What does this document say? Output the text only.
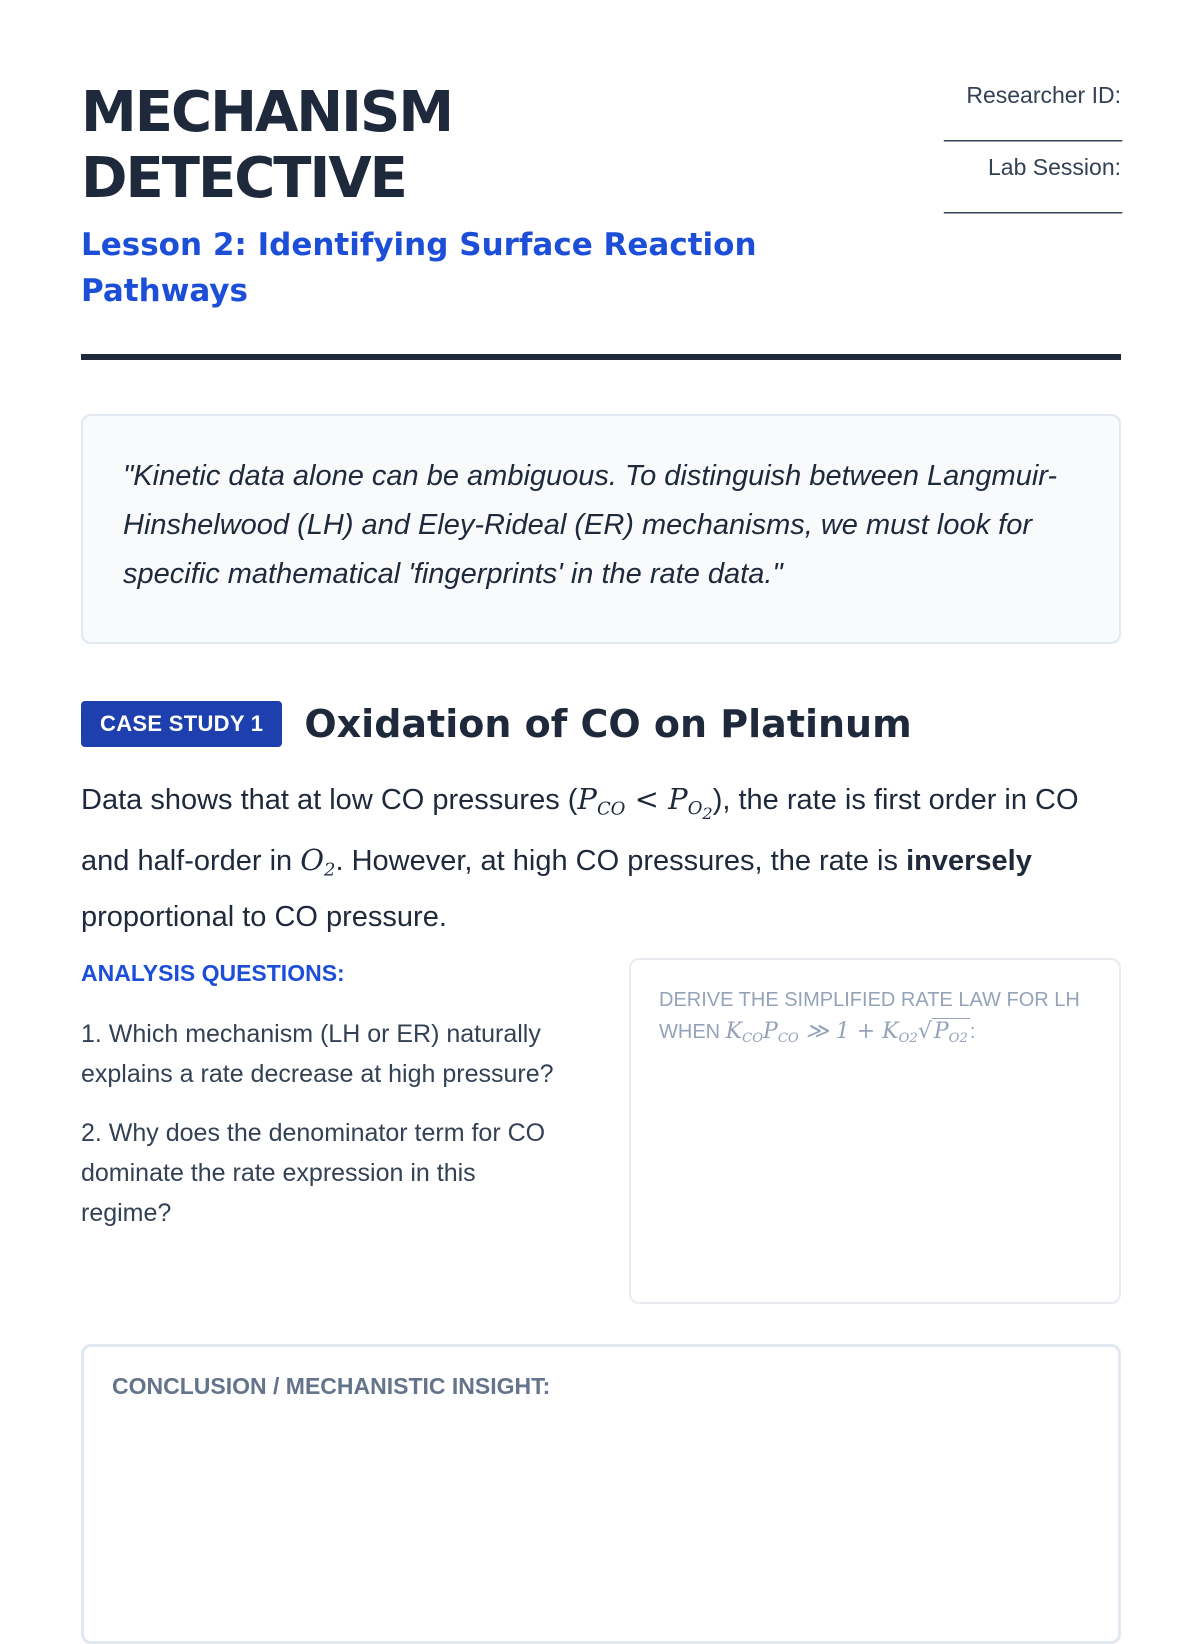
MECHANISM
DETECTIVE
Lesson 2: Identifying Surface Reaction Pathways
Researcher ID:
_______________
Lab Session:
_______________

"Kinetic data alone can be ambiguous. To distinguish between Langmuir-Hinshelwood (LH) and Eley-Rideal (ER) mechanisms, we must look for specific mathematical 'fingerprints' in the rate data."

CASE STUDY 1	Oxidation of CO on Platinum

Data shows that at low CO pressures $(P_{CO} < P_{O_2})$, the rate is first order in CO and half-order in $O_2$. However, at high CO pressures, the rate is inversely proportional to CO pressure.

ANALYSIS QUESTIONS:
1. Which mechanism (LH or ER) naturally explains a rate decrease at high pressure?
2. Why does the denominator term for CO dominate the rate expression in this regime?

DERIVE THE SIMPLIFIED RATE LAW FOR LH WHEN $K_{CO}P_{CO}$ ≫ $1 + K_{O2}√P_{O2}$ :

CONCLUSION / MECHANISTIC INSIGHT:
